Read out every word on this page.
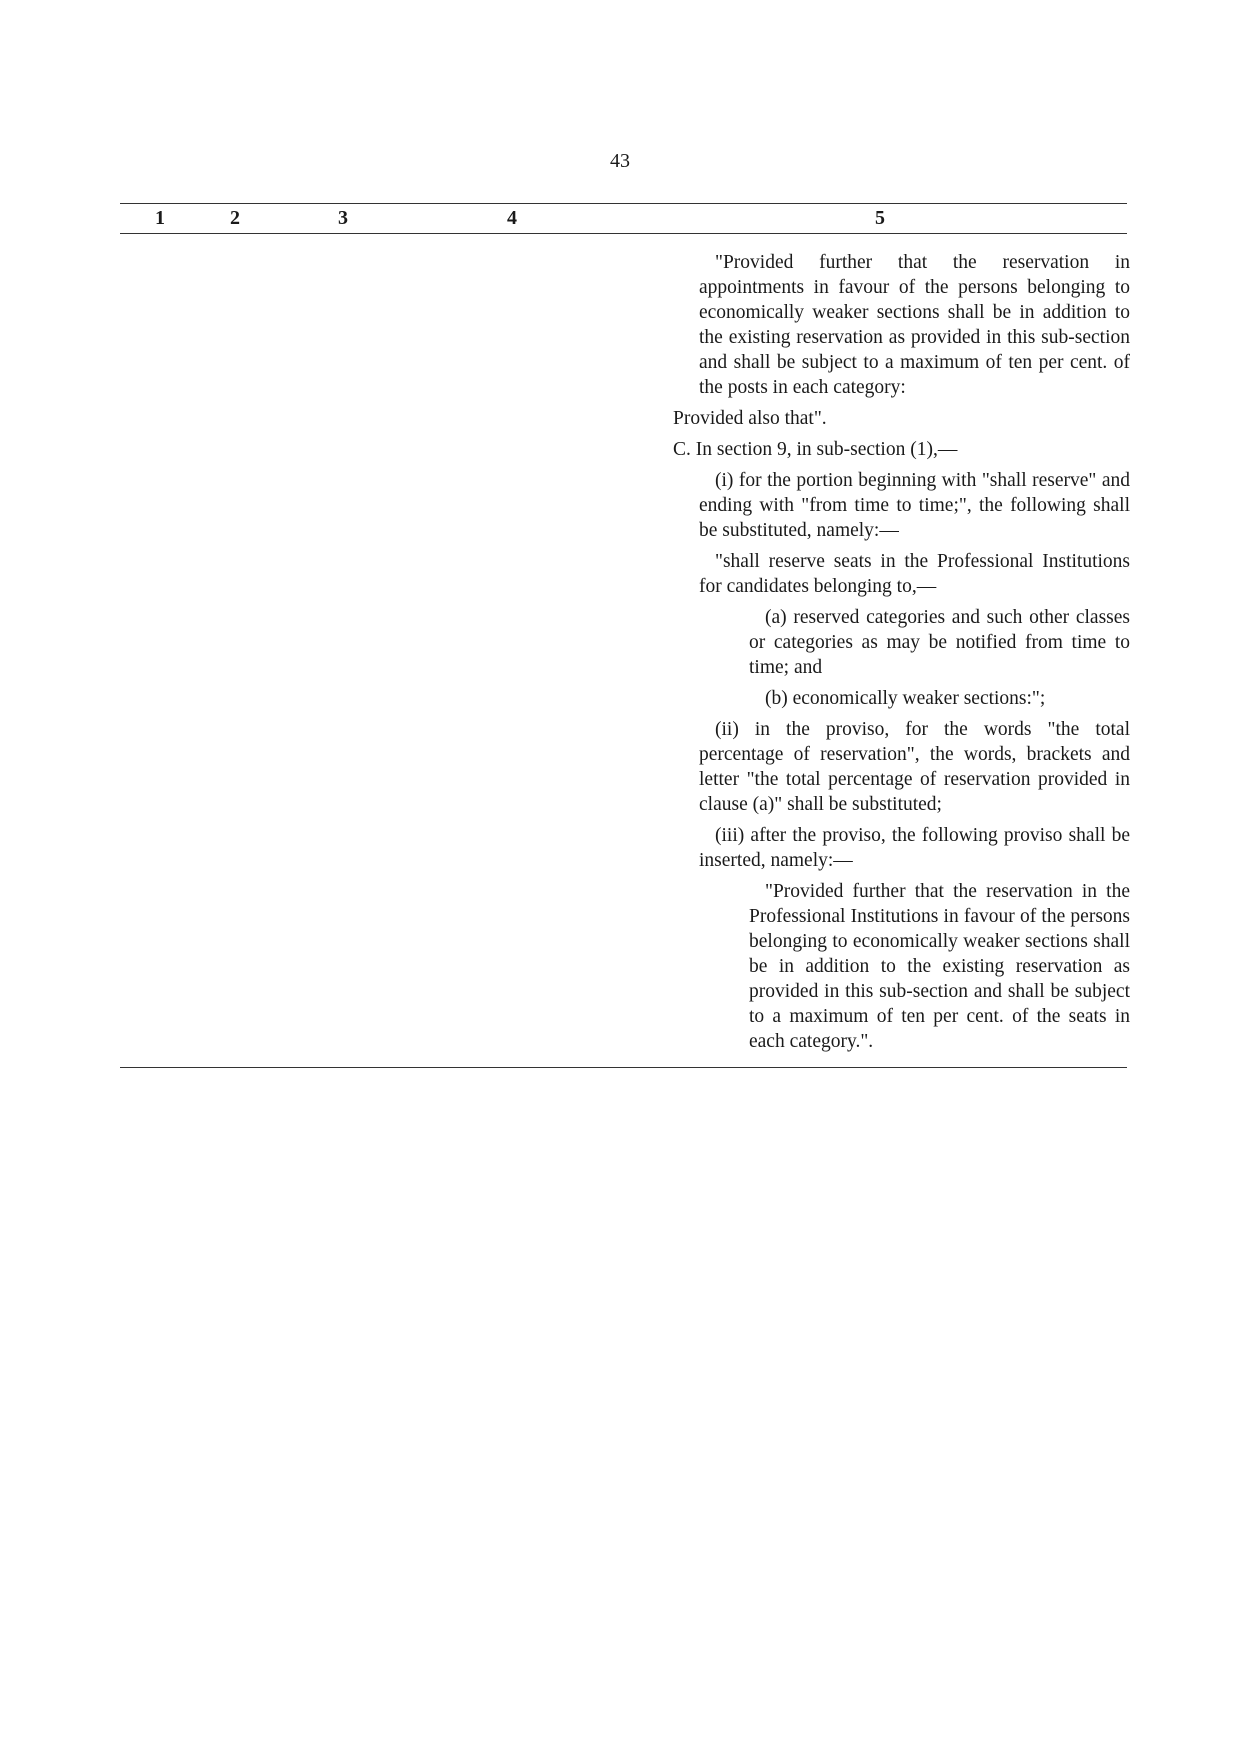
43
1	2	3	4	5

"Provided further that the reservation in appointments in favour of the persons belonging to economically weaker sections shall be in addition to the existing reservation as provided in this sub-section and shall be subject to a maximum of ten per cent. of the posts in each category:

Provided also that".

C. In section 9, in sub-section (1),—

(i) for the portion beginning with "shall reserve" and ending with "from time to time;", the following shall be substituted, namely:—

"shall reserve seats in the Professional Institutions for candidates belonging to,—

(a) reserved categories and such other classes or categories as may be notified from time to time; and

(b) economically weaker sections:";

(ii) in the proviso, for the words "the total percentage of reservation", the words, brackets and letter "the total percentage of reservation provided in clause (a)" shall be substituted;

(iii) after the proviso, the following proviso shall be inserted, namely:—

"Provided further that the reservation in the Professional Institutions in favour of the persons belonging to economically weaker sections shall be in addition to the existing reservation as provided in this sub-section and shall be subject to a maximum of ten per cent. of the seats in each category.".
